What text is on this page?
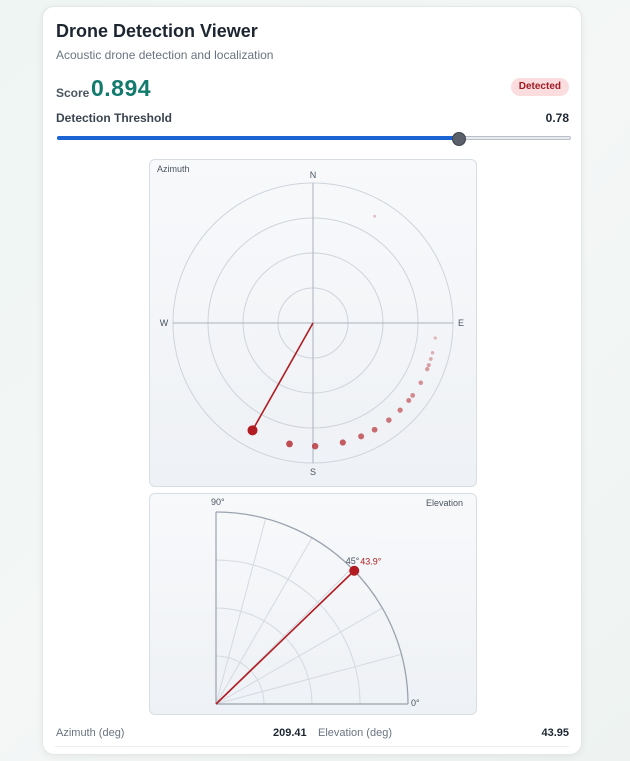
Drone Detection Viewer
Acoustic drone detection and localization
Score 0.894	Detected
Detection Threshold	0.78
Azimuth
N
E
S
W
Elevation
90°
45°
0°
43.9°
Azimuth (deg)	209.41 Elevation (deg)	43.95
